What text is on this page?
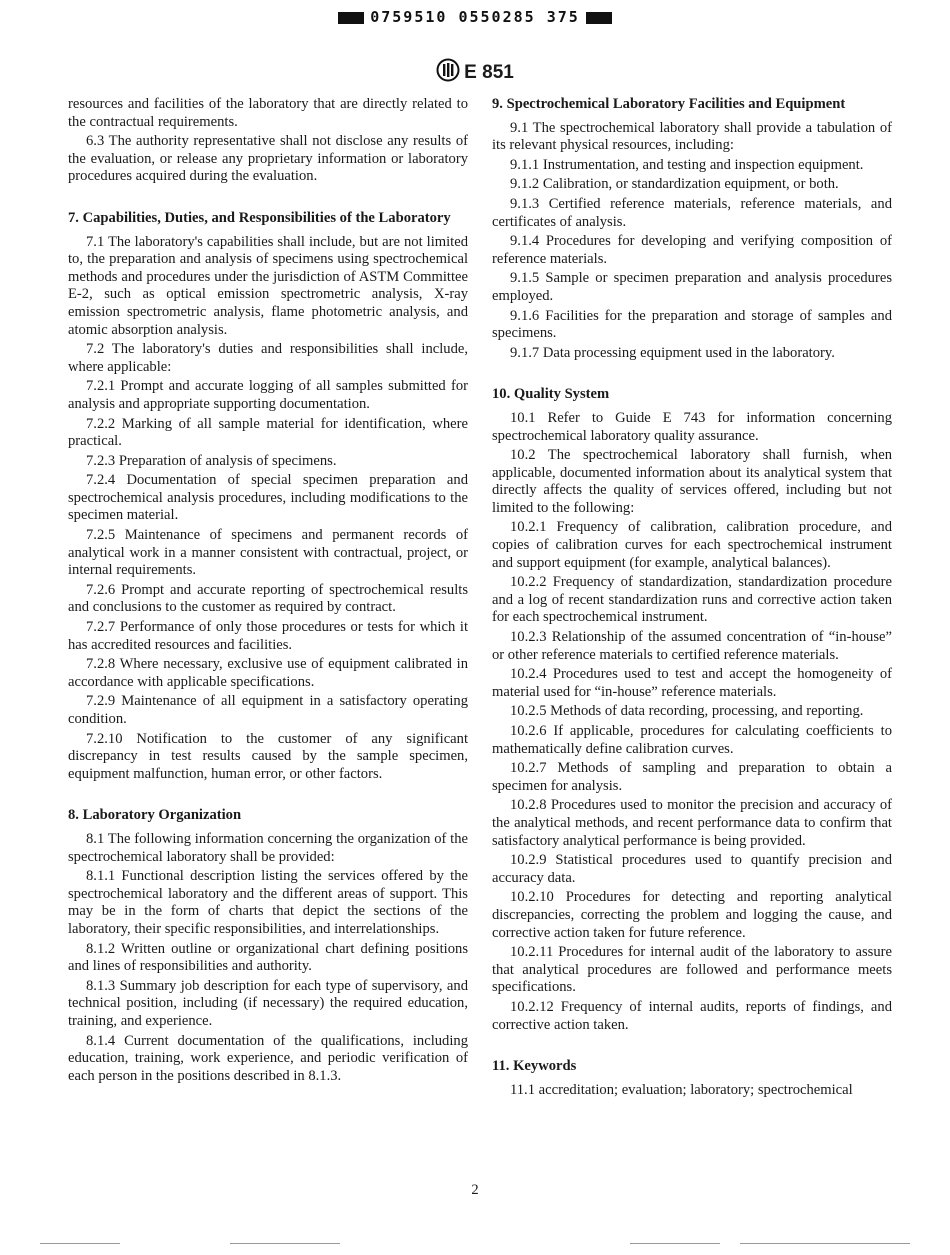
0759510 0550285 375
E 851

resources and facilities of the laboratory that are directly related to the contractual requirements.

6.3 The authority representative shall not disclose any results of the evaluation, or release any proprietary information or laboratory procedures acquired during the evaluation.

7. Capabilities, Duties, and Responsibilities of the Laboratory

7.1 The laboratory's capabilities shall include, but are not limited to, the preparation and analysis of specimens using spectrochemical methods and procedures under the jurisdiction of ASTM Committee E-2, such as optical emission spectrometric analysis, X-ray emission spectrometric analysis, flame photometric analysis, and atomic absorption analysis.

7.2 The laboratory's duties and responsibilities shall include, where applicable:

7.2.1 Prompt and accurate logging of all samples submitted for analysis and appropriate supporting documentation.

7.2.2 Marking of all sample material for identification, where practical.

7.2.3 Preparation of analysis of specimens.

7.2.4 Documentation of special specimen preparation and spectrochemical analysis procedures, including modifications to the specimen material.

7.2.5 Maintenance of specimens and permanent records of analytical work in a manner consistent with contractual, project, or internal requirements.

7.2.6 Prompt and accurate reporting of spectrochemical results and conclusions to the customer as required by contract.

7.2.7 Performance of only those procedures or tests for which it has accredited resources and facilities.

7.2.8 Where necessary, exclusive use of equipment calibrated in accordance with applicable specifications.

7.2.9 Maintenance of all equipment in a satisfactory operating condition.

7.2.10 Notification to the customer of any significant discrepancy in test results caused by the sample specimen, equipment malfunction, human error, or other factors.

8. Laboratory Organization

8.1 The following information concerning the organization of the spectrochemical laboratory shall be provided:

8.1.1 Functional description listing the services offered by the spectrochemical laboratory and the different areas of support. This may be in the form of charts that depict the sections of the laboratory, their specific responsibilities, and interrelationships.

8.1.2 Written outline or organizational chart defining positions and lines of responsibilities and authority.

8.1.3 Summary job description for each type of supervisory, and technical position, including (if necessary) the required education, training, and experience.

8.1.4 Current documentation of the qualifications, including education, training, work experience, and periodic verification of each person in the positions described in 8.1.3.

9. Spectrochemical Laboratory Facilities and Equipment

9.1 The spectrochemical laboratory shall provide a tabulation of its relevant physical resources, including:

9.1.1 Instrumentation, and testing and inspection equipment.

9.1.2 Calibration, or standardization equipment, or both.

9.1.3 Certified reference materials, reference materials, and certificates of analysis.

9.1.4 Procedures for developing and verifying composition of reference materials.

9.1.5 Sample or specimen preparation and analysis procedures employed.

9.1.6 Facilities for the preparation and storage of samples and specimens.

9.1.7 Data processing equipment used in the laboratory.

10. Quality System

10.1 Refer to Guide E 743 for information concerning spectrochemical laboratory quality assurance.

10.2 The spectrochemical laboratory shall furnish, when applicable, documented information about its analytical system that directly affects the quality of services offered, including but not limited to the following:

10.2.1 Frequency of calibration, calibration procedure, and copies of calibration curves for each spectrochemical instrument and support equipment (for example, analytical balances).

10.2.2 Frequency of standardization, standardization procedure and a log of recent standardization runs and corrective action taken for each spectrochemical instrument.

10.2.3 Relationship of the assumed concentration of “in-house” or other reference materials to certified reference materials.

10.2.4 Procedures used to test and accept the homogeneity of material used for “in-house” reference materials.

10.2.5 Methods of data recording, processing, and reporting.

10.2.6 If applicable, procedures for calculating coefficients to mathematically define calibration curves.

10.2.7 Methods of sampling and preparation to obtain a specimen for analysis.

10.2.8 Procedures used to monitor the precision and accuracy of the analytical methods, and recent performance data to confirm that satisfactory analytical performance is being provided.

10.2.9 Statistical procedures used to quantify precision and accuracy data.

10.2.10 Procedures for detecting and reporting analytical discrepancies, correcting the problem and logging the cause, and corrective action taken for future reference.

10.2.11 Procedures for internal audit of the laboratory to assure that analytical procedures are followed and performance meets specifications.

10.2.12 Frequency of internal audits, reports of findings, and corrective action taken.

11. Keywords

11.1 accreditation; evaluation; laboratory; spectrochemical

2
